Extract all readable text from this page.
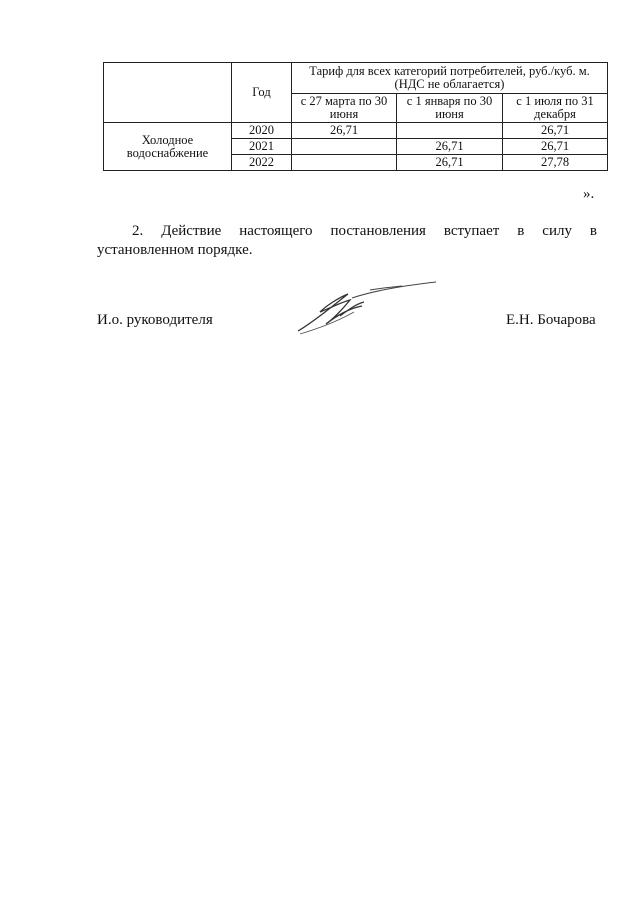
	Год	Тариф для всех категорий потребителей, руб./куб. м. (НДС не облагается)		
		с 27 марта по 30 июня	с 1 января по 30 июня	с 1 июля по 31 декабря
Холодное водоснабжение	2020	26,71		26,71
	2021		26,71	26,71
	2022		26,71	27,78
».

2. Действие настоящего постановления вступает в силу в установленном порядке.

И.о. руководителя	Е.Н. Бочарова
